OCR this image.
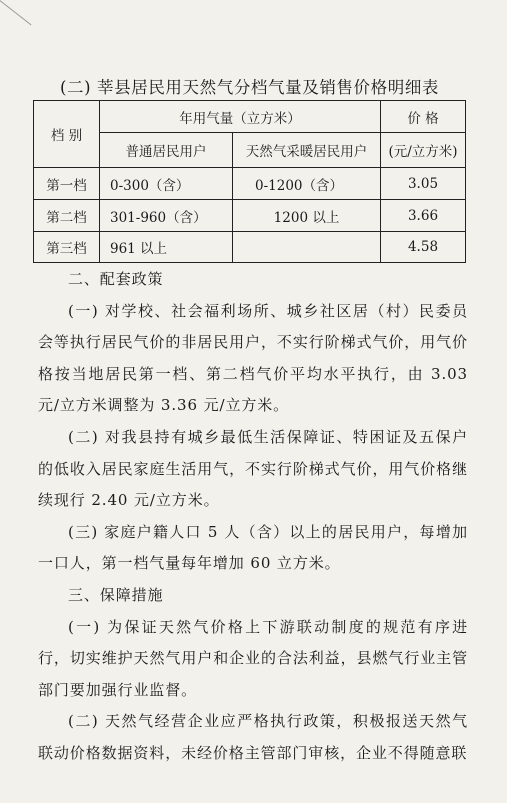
(二) 莘县居民用天然气分档气量及销售价格明细表
档 别	年用气量（立方米）		价 格
	普通居民用户	天然气采暖居民用户	(元/立方米)
第一档	0-300（含）	0-1200（含）	3.05
第二档	301-960（含）	1200 以上	3.66
第三档	961 以上		4.58

二、配套政策

(一) 对学校、社会福利场所、城乡社区居（村）民委员会等执行居民气价的非居民用户，不实行阶梯式气价，用气价格按当地居民第一档、第二档气价平均水平执行，由 3.03 元/立方米调整为 3.36 元/立方米。

(二) 对我县持有城乡最低生活保障证、特困证及五保户的低收入居民家庭生活用气，不实行阶梯式气价，用气价格继续现行 2.40 元/立方米。

(三) 家庭户籍人口 5 人（含）以上的居民用户，每增加一口人，第一档气量每年增加 60 立方米。

三、保障措施

(一) 为保证天然气价格上下游联动制度的规范有序进行，切实维护天然气用户和企业的合法利益，县燃气行业主管部门要加强行业监督。

(二) 天然气经营企业应严格执行政策，积极报送天然气联动价格数据资料，未经价格主管部门审核，企业不得随意联
